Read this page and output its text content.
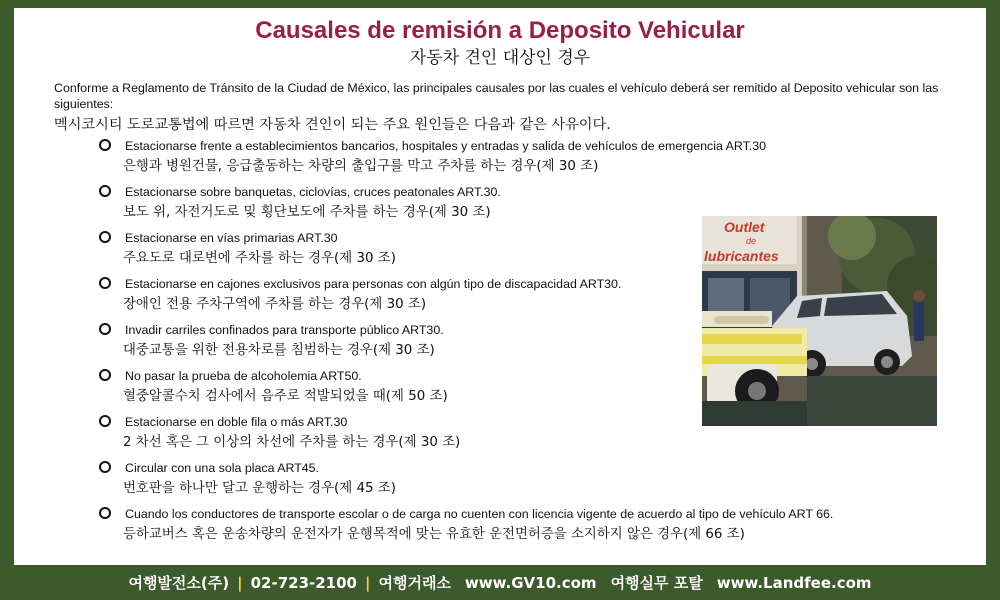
Causales de remisión a Deposito Vehicular
자동차 견인 대상인 경우
Conforme a Reglamento de Tránsito de la Ciudad de México, las principales causales por las cuales el vehículo deberá ser remitido al Deposito vehicular son las siguientes:
멕시코시티 도로교통법에 따르면 자동차 견인이 되는 주요 원인들은 다음과 같은 사유이다.
Estacionarse frente a establecimientos bancarios, hospitales y entradas y salida de vehículos de emergencia ART.30
은행과 병원건물, 응급출동하는 차량의 출입구를 막고 주차를 하는 경우(제 30 조)
Estacionarse sobre banquetas, ciclovías, cruces peatonales ART.30.
보도 위, 자전거도로 및 횡단보도에 주차를 하는 경우(제 30 조)
Estacionarse en vías primarias ART.30
주요도로 대로변에 주차를 하는 경우(제 30 조)
Estacionarse en cajones exclusivos para personas con algún tipo de discapacidad ART30.
장애인 전용 주차구역에 주차를 하는 경우(제 30 조)
Invadir carriles confinados para transporte público ART30.
대중교통을 위한 전용차로를 침범하는 경우(제 30 조)
No pasar la prueba de alcoholemia ART50.
혈중알콜수치 검사에서 음주로 적발되었을 때(제 50 조)
Estacionarse en doble fila o más ART.30
2 차선 혹은 그 이상의 차선에 주차를 하는 경우(제 30 조)
Circular con una sola placa ART45.
번호판을 하나만 달고 운행하는 경우(제 45 조)
Cuando los conductores de transporte escolar o de carga no cuenten con licencia vigente de acuerdo al tipo de vehículo ART 66.
등하교버스 혹은 운송차량의 운전자가 운행목적에 맞는 유효한 운전면허증을 소지하지 않은 경우(제 66 조)
Outlet
de
lubricantes
여행발전소(주) | 02-723-2100 | 여행거래소 www.GV10.com 여행실무 포탈 www.Landfee.com
